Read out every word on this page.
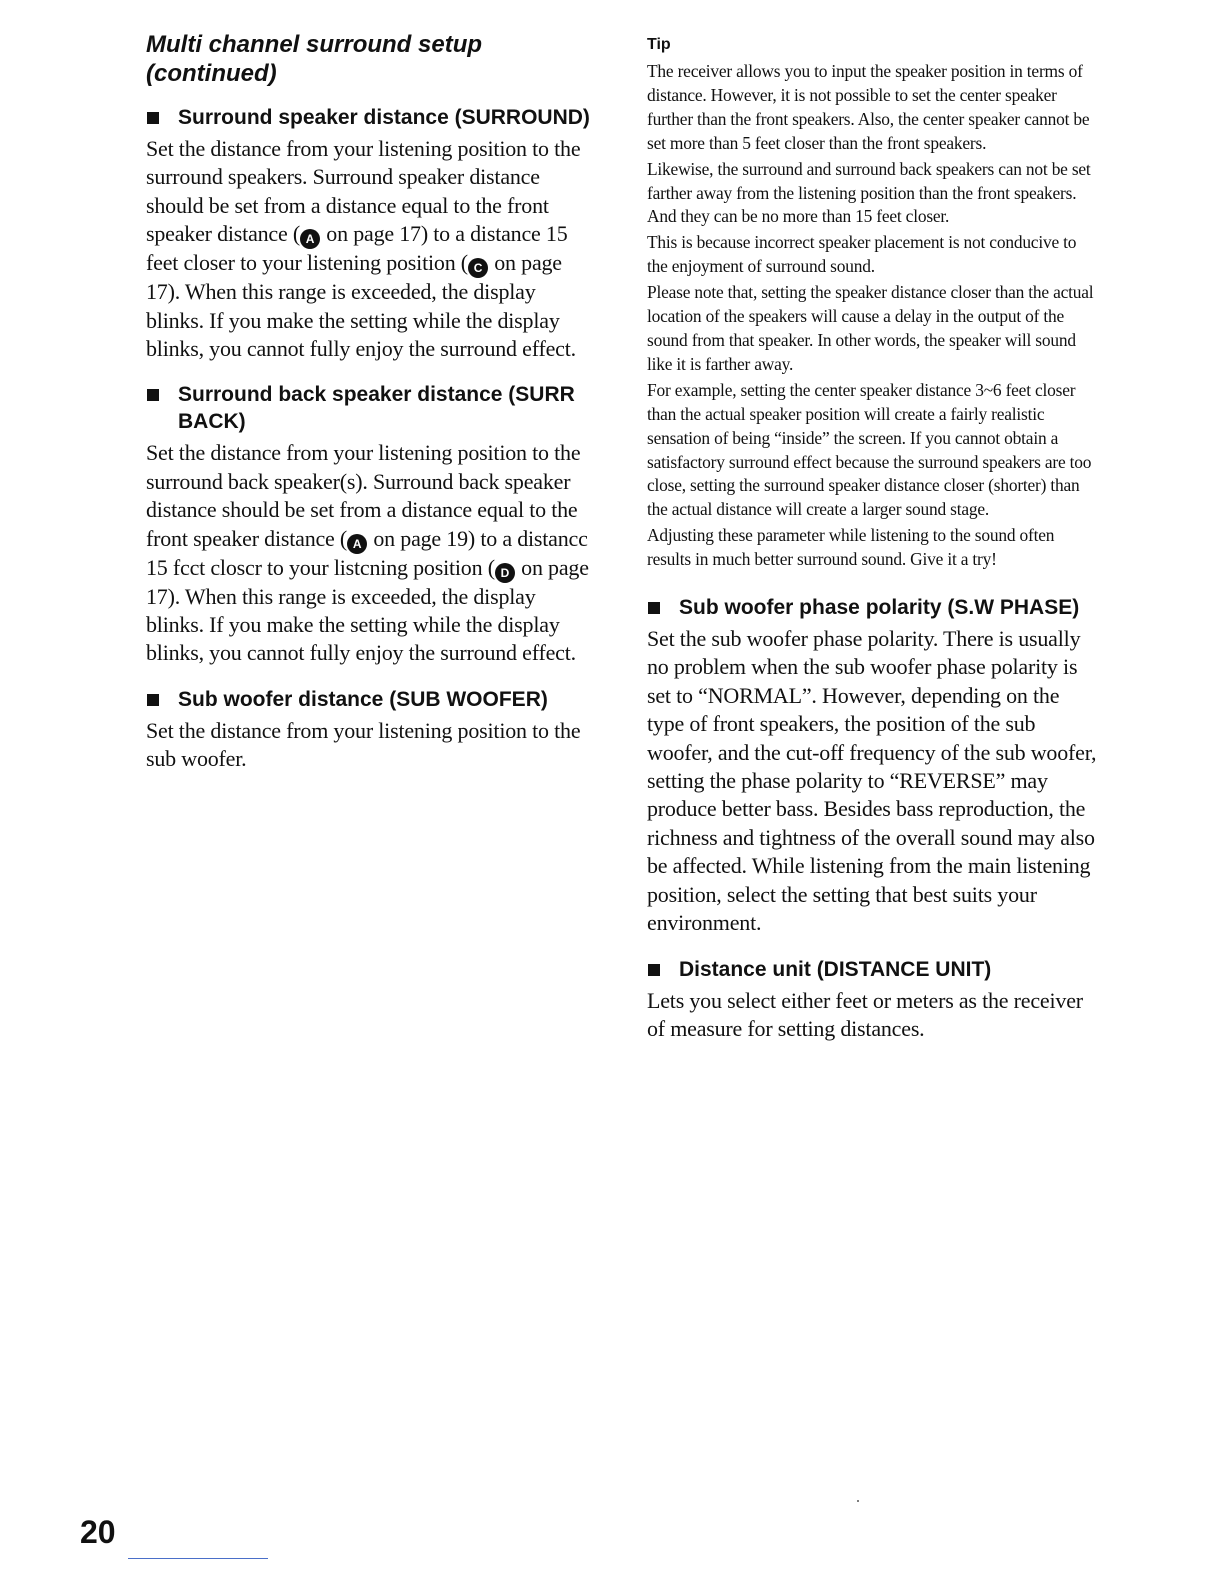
Multi channel surround setup (continued)
Surround speaker distance (SURROUND)

Set the distance from your listening position to the surround speakers. Surround speaker distance should be set from a distance equal to the front speaker distance ( A on page 17) to a distance 15 feet closer to your listening position ( C on page 17). When this range is exceeded, the display blinks. If you make the setting while the display blinks, you cannot fully enjoy the surround effect.

Surround back speaker distance (SURR BACK)

Set the distance from your listening position to the surround back speaker(s). Surround back speaker distance should be set from a distance equal to the front speaker distance ( A on page 19) to a distancc 15 fcct closcr to your listcning position ( D on page 17). When this range is exceeded, the display blinks. If you make the setting while the display blinks, you cannot fully enjoy the surround effect.

Sub woofer distance (SUB WOOFER)

Set the distance from your listening position to the sub woofer.

Tip

The receiver allows you to input the speaker position in terms of distance. However, it is not possible to set the center speaker further than the front speakers. Also, the center speaker cannot be set more than 5 feet closer than the front speakers.

Likewise, the surround and surround back speakers can not be set farther away from the listening position than the front speakers. And they can be no more than 15 feet closer.

This is because incorrect speaker placement is not conducive to the enjoyment of surround sound.

Please note that, setting the speaker distance closer than the actual location of the speakers will cause a delay in the output of the sound from that speaker. In other words, the speaker will sound like it is farther away.

For example, setting the center speaker distance 3~6 feet closer than the actual speaker position will create a fairly realistic sensation of being “inside” the screen. If you cannot obtain a satisfactory surround effect because the surround speakers are too close, setting the surround speaker distance closer (shorter) than the actual distance will create a larger sound stage.

Adjusting these parameter while listening to the sound often results in much better surround sound. Give it a try!

Sub woofer phase polarity (S.W PHASE)

Set the sub woofer phase polarity. There is usually no problem when the sub woofer phase polarity is set to “NORMAL”. However, depending on the type of front speakers, the position of the sub woofer, and the cut-off frequency of the sub woofer, setting the phase polarity to “REVERSE” may produce better bass. Besides bass reproduction, the richness and tightness of the overall sound may also be affected. While listening from the main listening position, select the setting that best suits your environment.

Distance unit (DISTANCE UNIT)

Lets you select either feet or meters as the receiver of measure for setting distances.

20
